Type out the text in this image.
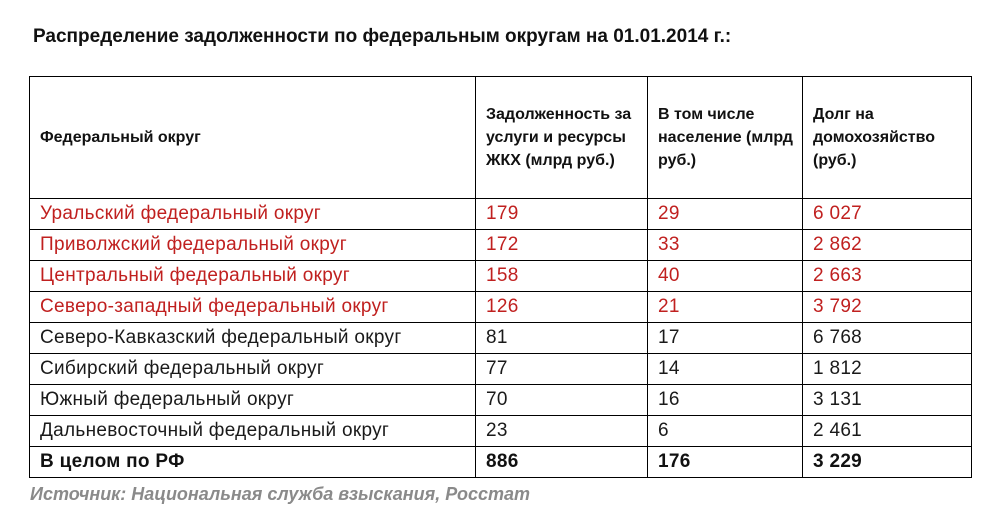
Распределение задолженности по федеральным округам на 01.01.2014 г.:
Федеральный округ	Задолженность за услуги и ресурсы ЖКХ (млрд руб.)	В том числе население (млрд руб.)	Долг на домохозяйство (руб.)
Уральский федеральный округ	179	29	6 027
Приволжский федеральный округ	172	33	2 862
Центральный федеральный округ	158	40	2 663
Северо-западный федеральный округ	126	21	3 792
Северо-Кавказский федеральный округ	81	17	6 768
Сибирский федеральный округ	77	14	1 812
Южный федеральный округ	70	16	3 131
Дальневосточный федеральный округ	23	6	2 461
В целом по РФ	886	176	3 229
Источник: Национальная служба взыскания, Росстат
